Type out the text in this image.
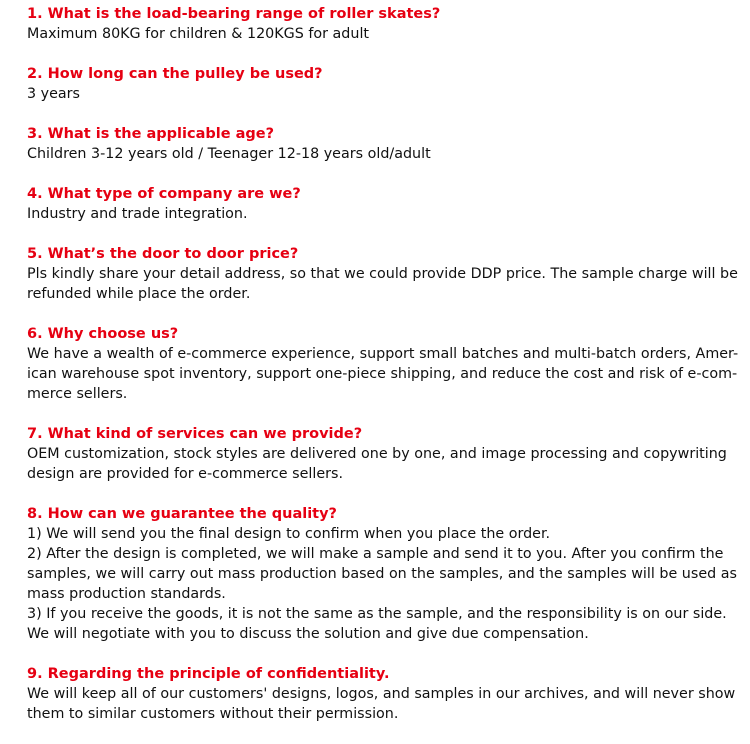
1. What is the load-bearing range of roller skates?

Maximum 80KG for children & 120KGS for adult

2. How long can the pulley be used?

3 years

3. What is the applicable age?

Children 3-12 years old / Teenager 12-18 years old/adult

4. What type of company are we?

Industry and trade integration.

5. What’s the door to door price?

Pls kindly share your detail address, so that we could provide DDP price. The sample charge will be
refunded while place the order.

6. Why choose us?

We have a wealth of e-commerce experience, support small batches and multi-batch orders, Amer-
ican warehouse spot inventory, support one-piece shipping, and reduce the cost and risk of e-com-
merce sellers.

7. What kind of services can we provide?

OEM customization, stock styles are delivered one by one, and image processing and copywriting
design are provided for e-commerce sellers.

8. How can we guarantee the quality?

1) We will send you the final design to confirm when you place the order.
2) After the design is completed, we will make a sample and send it to you. After you confirm the
samples, we will carry out mass production based on the samples, and the samples will be used as
mass production standards.
3) If you receive the goods, it is not the same as the sample, and the responsibility is on our side.
We will negotiate with you to discuss the solution and give due compensation.

9. Regarding the principle of confidentiality.

We will keep all of our customers' designs, logos, and samples in our archives, and will never show
them to similar customers without their permission.
